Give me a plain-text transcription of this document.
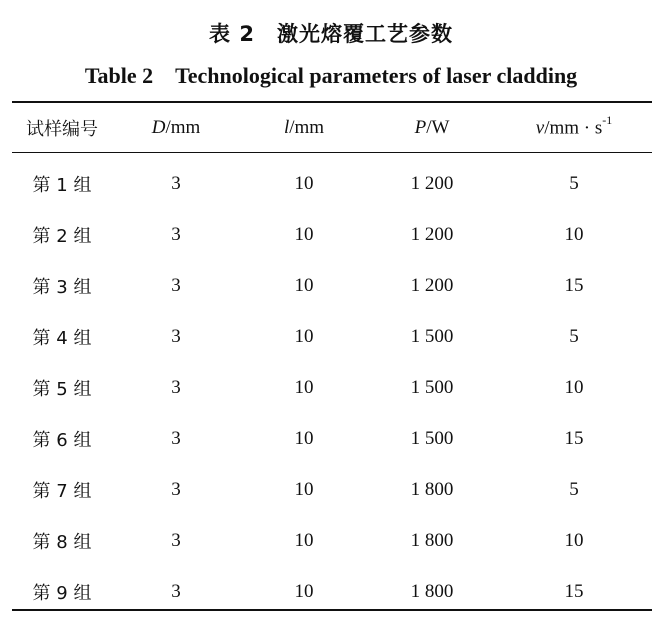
表 2 激光熔覆工艺参数
Table 2 Technological parameters of laser cladding
试样编号	D/mm	l/mm	P/W	$v/mm \cdot s^{-1}$

第 1 组	3	10	1 200	5
第 2 组	3	10	1 200	10
第 3 组	3	10	1 200	15
第 4 组	3	10	1 500	5
第 5 组	3	10	1 500	10
第 6 组	3	10	1 500	15
第 7 组	3	10	1 800	5
第 8 组	3	10	1 800	10
第 9 组	3	10	1 800	15
